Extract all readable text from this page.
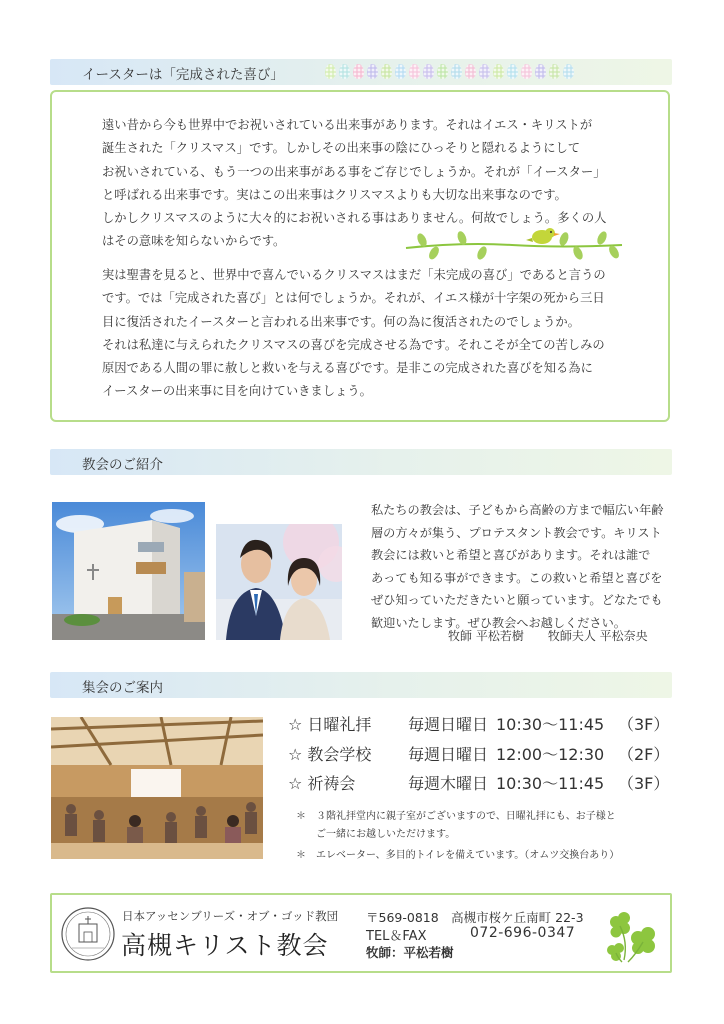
イースターは「完成された喜び」
遠い昔から今も世界中でお祝いされている出来事があります。それはイエス・キリストが
誕生された「クリスマス」です。しかしその出来事の陰にひっそりと隠れるようにして
お祝いされている、もう一つの出来事がある事をご存じでしょうか。それが「イースター」
と呼ばれる出来事です。実はこの出来事はクリスマスよりも大切な出来事なのです。
しかしクリスマスのように大々的にお祝いされる事はありません。何故でしょう。多くの人
はその意味を知らないからです。
実は聖書を見ると、世界中で喜んでいるクリスマスはまだ「未完成の喜び」であると言うの
です。では「完成された喜び」とは何でしょうか。それが、イエス様が十字架の死から三日
目に復活されたイースターと言われる出来事です。何の為に復活されたのでしょうか。
それは私達に与えられたクリスマスの喜びを完成させる為です。それこそが全ての苦しみの
原因である人間の罪に赦しと救いを与える喜びです。是非この完成された喜びを知る為に
イースターの出来事に目を向けていきましょう。
教会のご紹介
私たちの教会は、子どもから高齢の方まで幅広い年齢
層の方々が集う、プロテスタント教会です。キリスト
教会には救いと希望と喜びがあります。それは誰で
あっても知る事ができます。この救いと希望と喜びを
ぜひ知っていただきたいと願っています。どなたでも
歓迎いたします。ぜひ教会へお越しください。
牧師 平松若樹　　牧師夫人 平松奈央
集会のご案内
☆ 日曜礼拝 毎週日曜日 10:30～11:45 （3F）
☆ 教会学校 毎週日曜日 12:00～12:30 （2F）
☆ 祈祷会	毎週木曜日 10:30～11:45 （3F）
＊　３階礼拝堂内に親子室がございますので、日曜礼拝にも、お子様と
　　ご一緒にお越しいただけます。
＊　エレベーター、多目的トイレを備えています。（オムツ交換台あり）
日本アッセンブリーズ・オブ・ゴッド教団
高槻キリスト教会
〒569-0818　高槻市桜ケ丘南町 22-3
TEL＆FAX	072-696-0347
牧師：平松若樹
